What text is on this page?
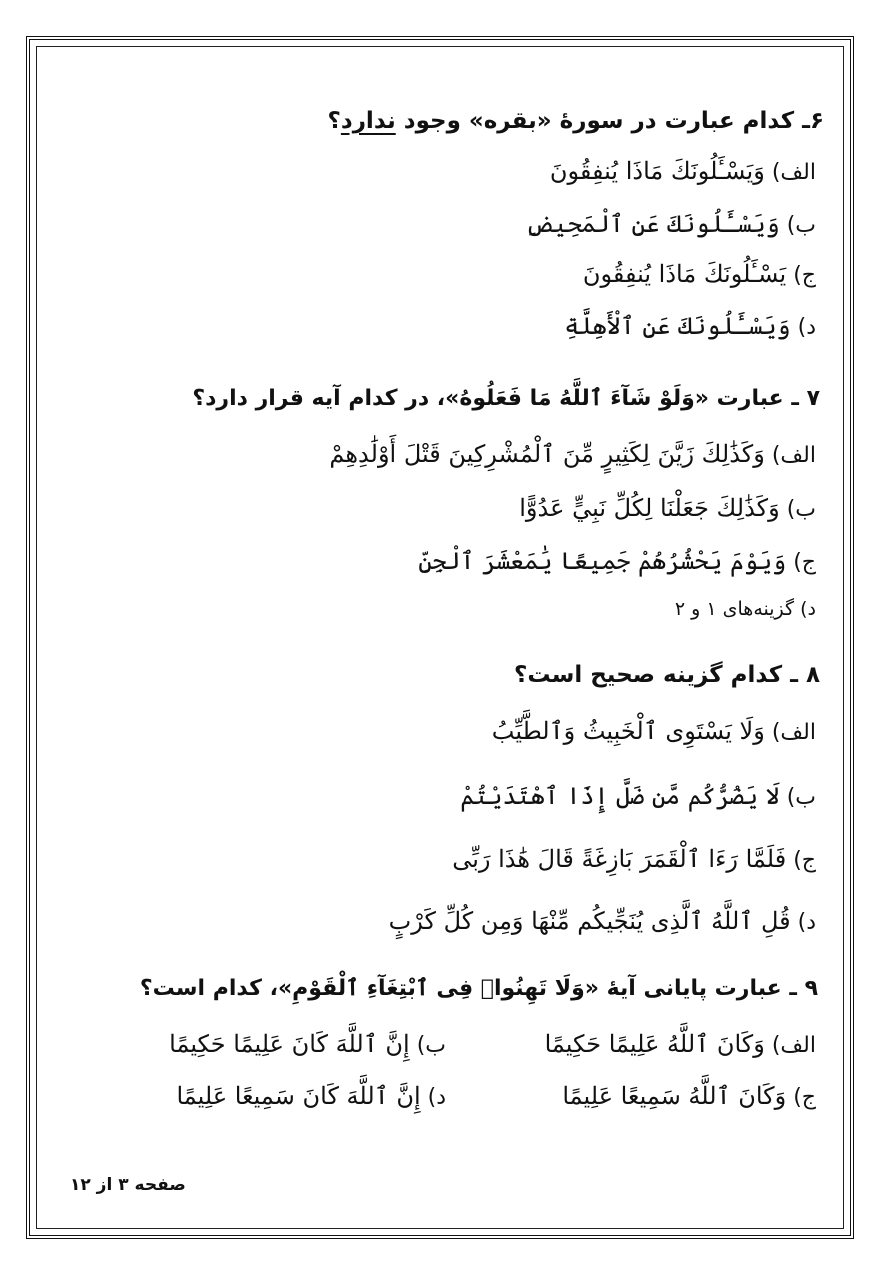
۶ـ کدام عبارت در سورهٔ «بقره» وجود ندارد؟
الف) وَيَسْـَٔلُونَكَ مَاذَا يُنفِقُونَ
ب) وَيَسْـَٔلُونَكَ عَنِ ٱلْمَحِيضِ
ج) يَسْـَٔلُونَكَ مَاذَا يُنفِقُونَ
د) وَيَسْـَٔلُونَكَ عَنِ ٱلْأَهِلَّةِ
۷ ـ عبارت «وَلَوْ شَآءَ ٱللَّهُ مَا فَعَلُوهُ»، در کدام آیه قرار دارد؟
الف) وَكَذَٰلِكَ زَيَّنَ لِكَثِيرٍ مِّنَ ٱلْمُشْرِكِينَ قَتْلَ أَوْلَٰدِهِمْ
ب) وَكَذَٰلِكَ جَعَلْنَا لِكُلِّ نَبِيٍّ عَدُوًّا
ج) وَيَوْمَ يَحْشُرُهُمْ جَمِيعًا يَٰمَعْشَرَ ٱلْجِنِّ
د) گزینه‌های ۱ و ۲
۸ ـ کدام گزینه صحیح است؟
الف) وَلَا يَسْتَوِى ٱلْخَبِيثُ وَٱلطَّيِّبُ
ب) لَا يَضُرُّكُم مَّن ضَلَّ إِذَا ٱهْتَدَيْتُمْ
ج) فَلَمَّا رَءَا ٱلْقَمَرَ بَازِغَةً قَالَ هَٰذَا رَبِّى
د) قُلِ ٱللَّهُ ٱلَّذِى يُنَجِّيكُم مِّنْهَا وَمِن كُلِّ كَرْبٍ
۹ ـ عبارت پایانی آیهٔ «وَلَا تَهِنُوا۟ فِى ٱبْتِغَآءِ ٱلْقَوْمِ»، کدام است؟
الف) وَكَانَ ٱللَّهُ عَلِيمًا حَكِيمًا
ب) إِنَّ ٱللَّهَ كَانَ عَلِيمًا حَكِيمًا
ج) وَكَانَ ٱللَّهُ سَمِيعًا عَلِيمًا
د) إِنَّ ٱللَّهَ كَانَ سَمِيعًا عَلِيمًا
صفحه ۳ از ۱۲
